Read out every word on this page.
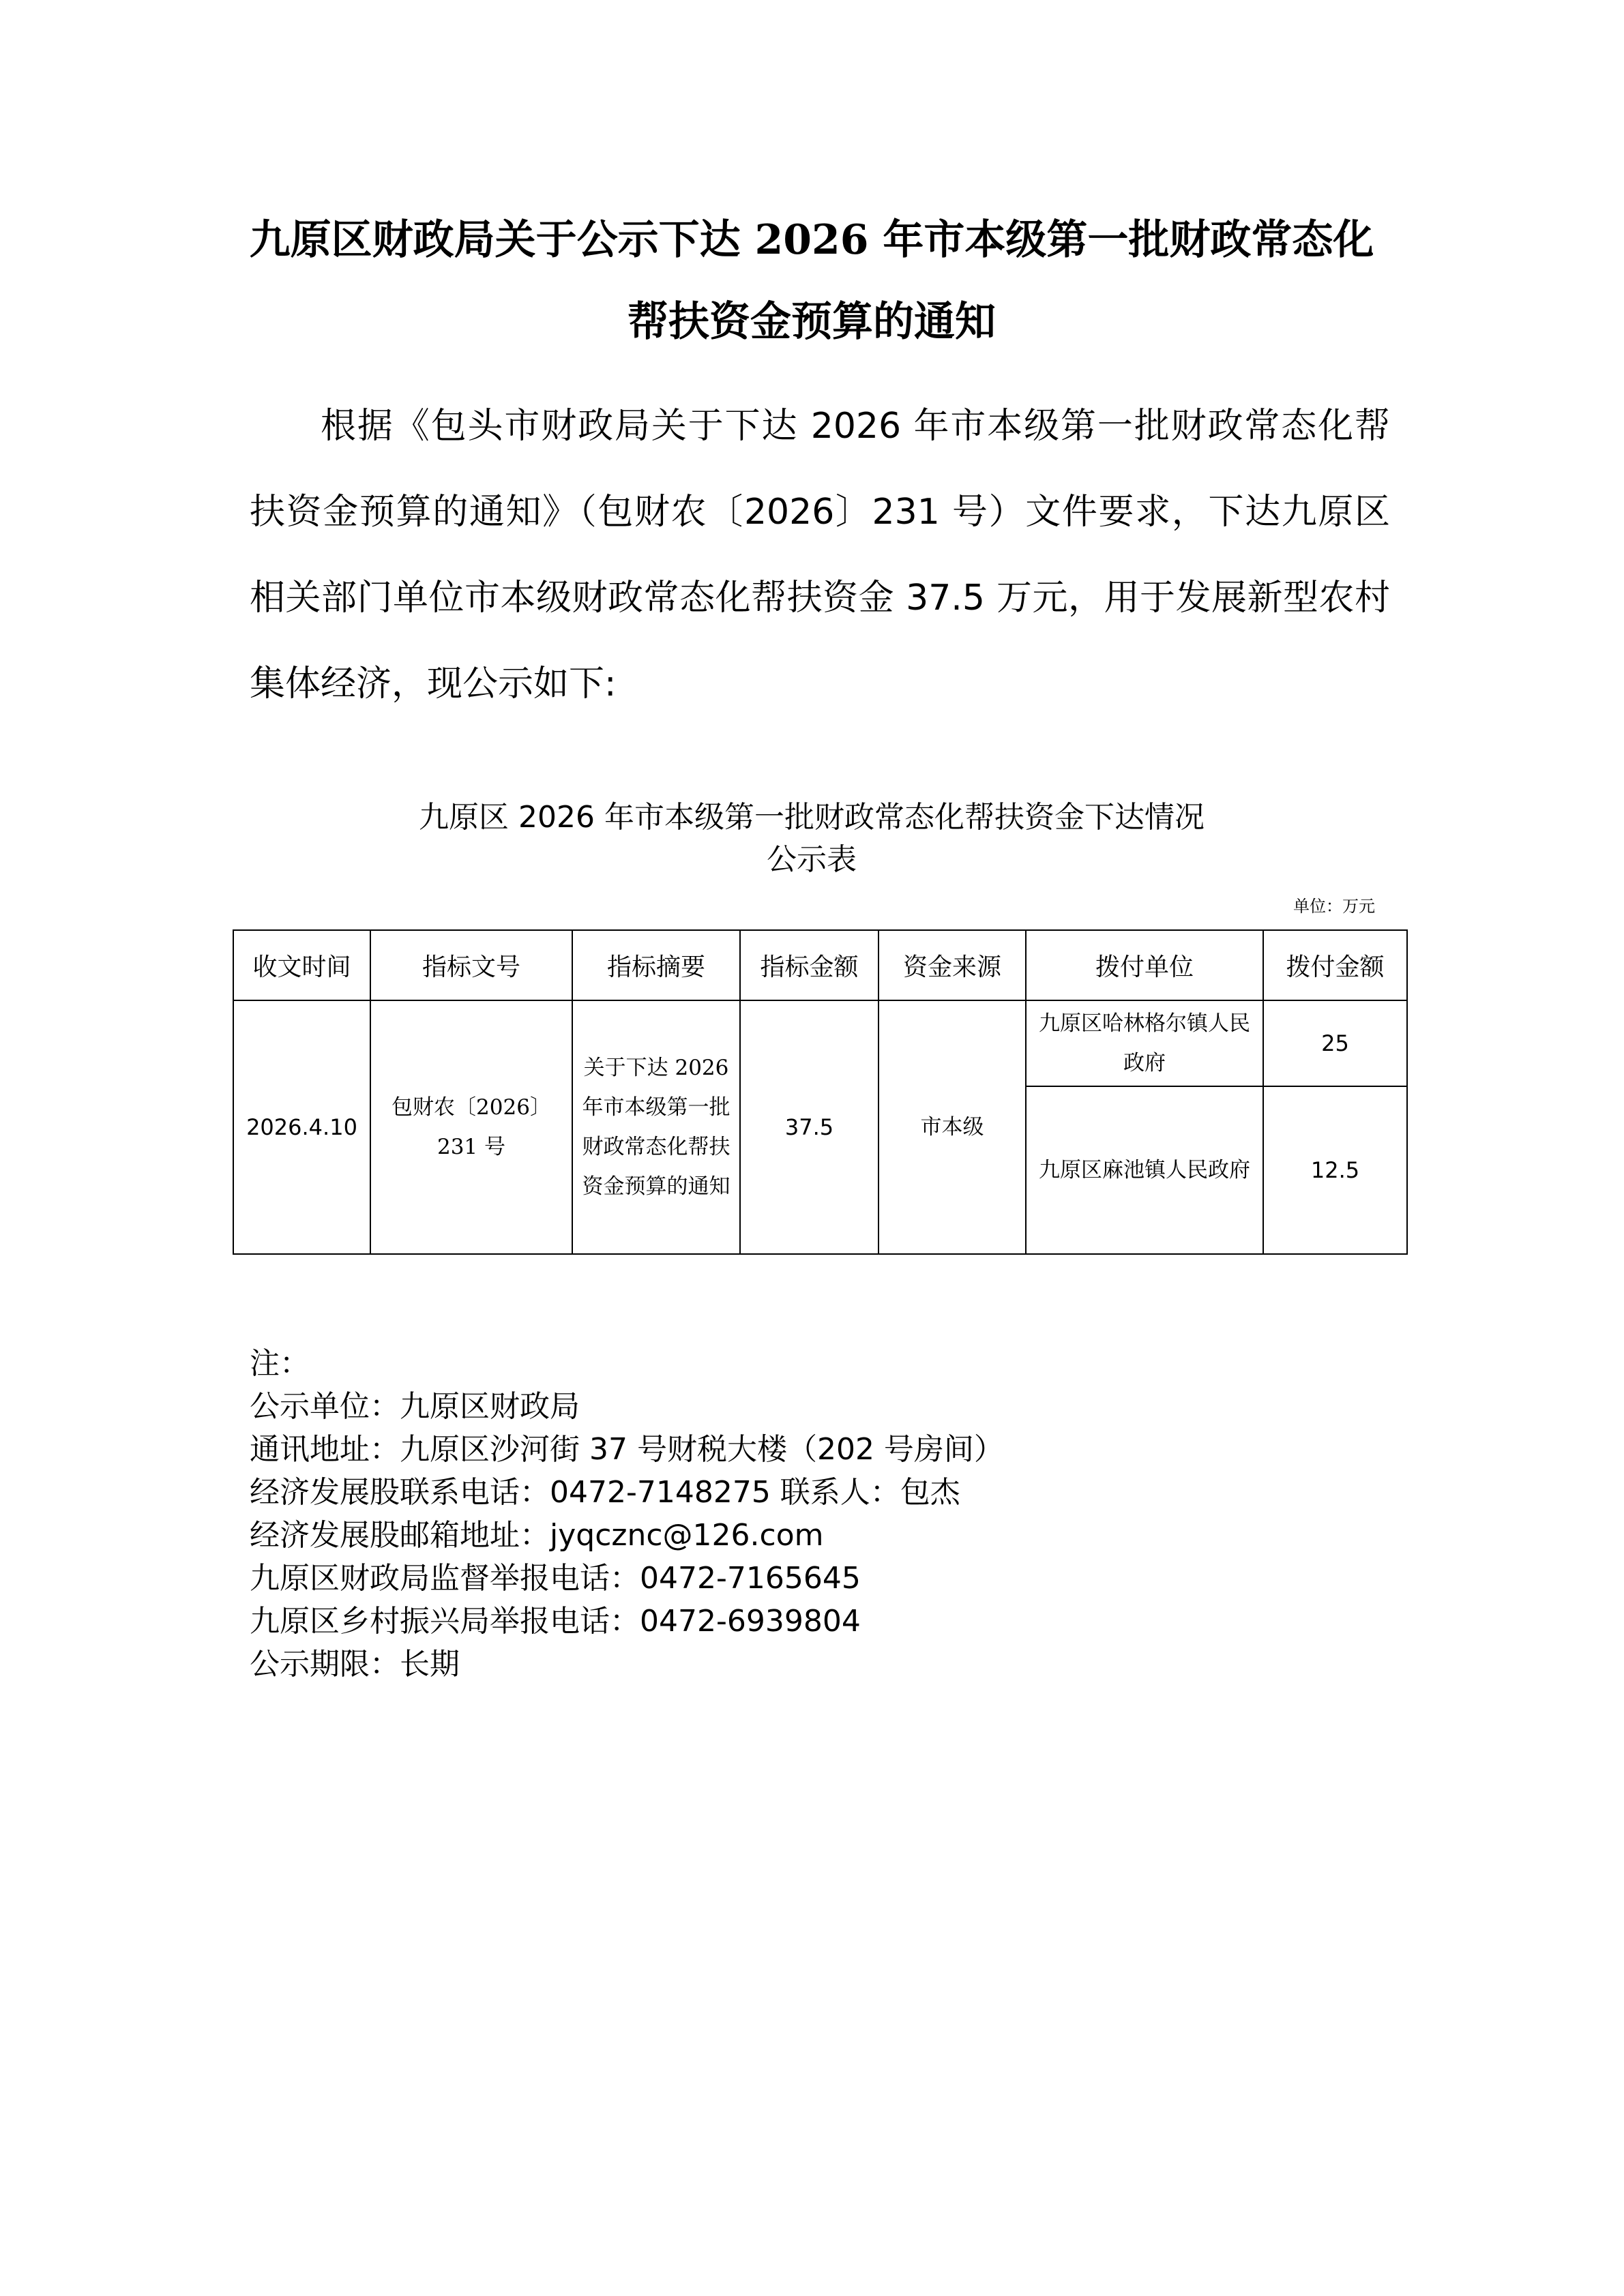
九原区财政局关于公示下达 2026 年市本级第一批财政常态化
帮扶资金预算的通知

根据《包头市财政局关于下达 2026 年市本级第一批财政常态化帮扶资金预算的通知》（包财农〔2026〕231 号）文件要求，下达九原区相关部门单位市本级财政常态化帮扶资金 37.5 万元，用于发展新型农村集体经济，现公示如下:

九原区 2026 年市本级第一批财政常态化帮扶资金下达情况
公示表
单位：万元
收文时间	指标文号	指标摘要	指标金额	资金来源	拨付单位	拨付金额
2026.4.10	包财农〔2026〕231 号	关于下达 2026 年市本级第一批财政常态化帮扶资金预算的通知	37.5	市本级	九原区哈林格尔镇人民政府	25
					九原区麻池镇人民政府	12.5
注：
公示单位：九原区财政局
通讯地址：九原区沙河街 37 号财税大楼（202 号房间）
经济发展股联系电话：0472-7148275 联系人：包杰
经济发展股邮箱地址：jyqcznc@126.com
九原区财政局监督举报电话：0472-7165645
九原区乡村振兴局举报电话：0472-6939804
公示期限：长期
